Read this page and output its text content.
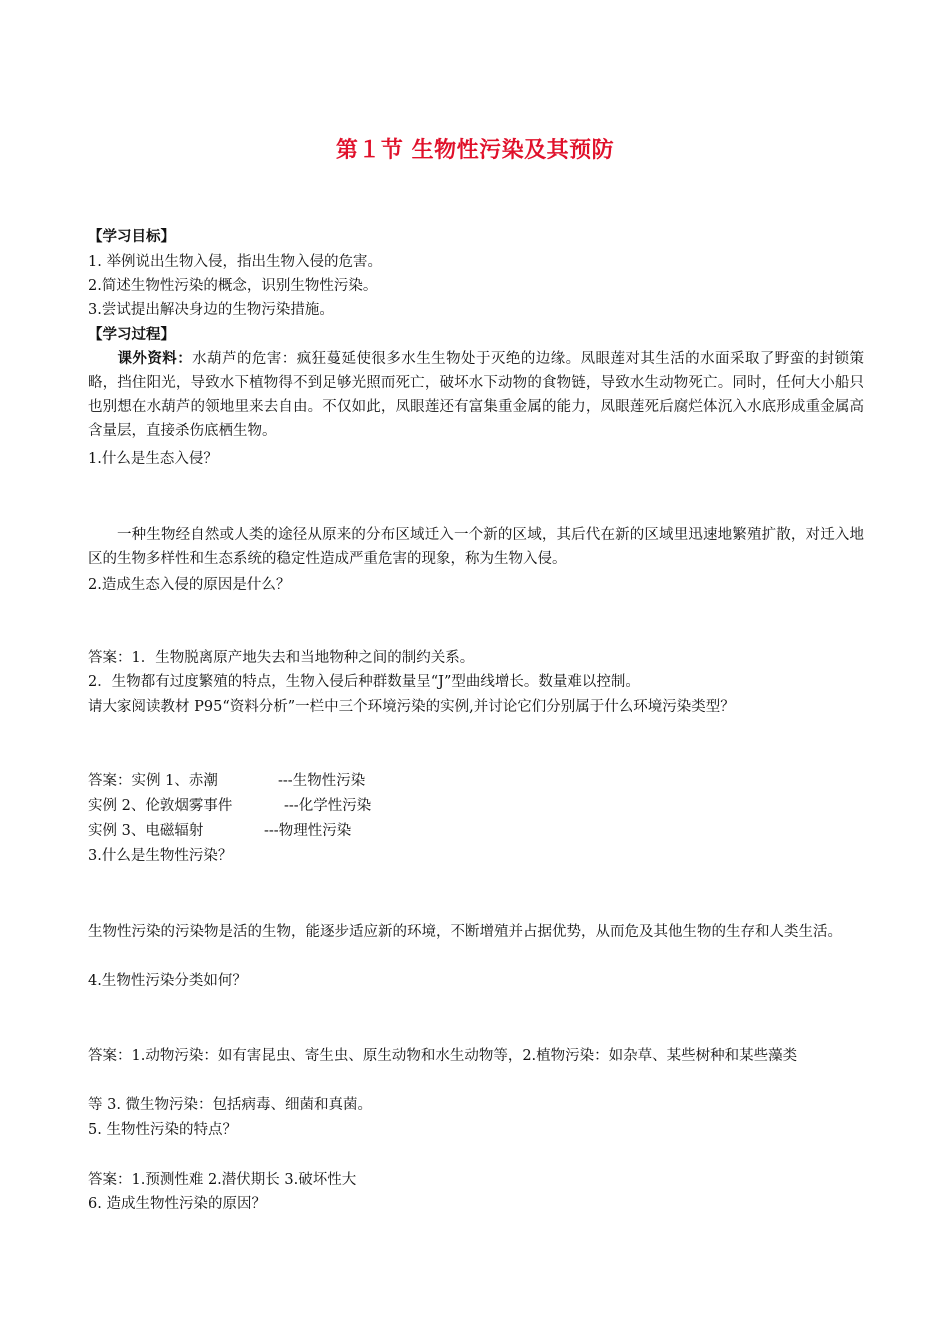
第１节 生物性污染及其预防
【学习目标】
1. 举例说出生物入侵，指出生物入侵的危害。
2.简述生物性污染的概念，识别生物性污染。
3.尝试提出解决身边的生物污染措施。
【学习过程】
课外资料：水葫芦的危害：疯狂蔓延使很多水生生物处于灭绝的边缘。凤眼莲对其生活的水面采取了野蛮的封锁策略，挡住阳光，导致水下植物得不到足够光照而死亡，破坏水下动物的食物链，导致水生动物死亡。同时，任何大小船只也别想在水葫芦的领地里来去自由。不仅如此，凤眼莲还有富集重金属的能力，凤眼莲死后腐烂体沉入水底形成重金属高含量层，直接杀伤底栖生物。
1.什么是生态入侵？
一种生物经自然或人类的途径从原来的分布区域迁入一个新的区域，其后代在新的区域里迅速地繁殖扩散，对迁入地区的生物多样性和生态系统的稳定性造成严重危害的现象，称为生物入侵。
2.造成生态入侵的原因是什么？
答案：1．生物脱离原产地失去和当地物种之间的制约关系。
2．生物都有过度繁殖的特点，生物入侵后种群数量呈“J”型曲线增长。数量难以控制。
请大家阅读教材 P95“资料分析”一栏中三个环境污染的实例,并讨论它们分别属于什么环境污染类型？
答案：实例 1、赤潮	---生物性污染
实例 2、伦敦烟雾事件	---化学性污染
实例 3、电磁辐射	---物理性污染
3.什么是生物性污染？
生物性污染的污染物是活的生物，能逐步适应新的环境，不断增殖并占据优势，从而危及其他生物的生存和人类生活。
4.生物性污染分类如何？
答案：1.动物污染：如有害昆虫、寄生虫、原生动物和水生动物等，2.植物污染：如杂草、某些树种和某些藻类
等 3. 微生物污染：包括病毒、细菌和真菌。
5. 生物性污染的特点？
答案：1.预测性难 2.潜伏期长 3.破坏性大
6. 造成生物性污染的原因？
